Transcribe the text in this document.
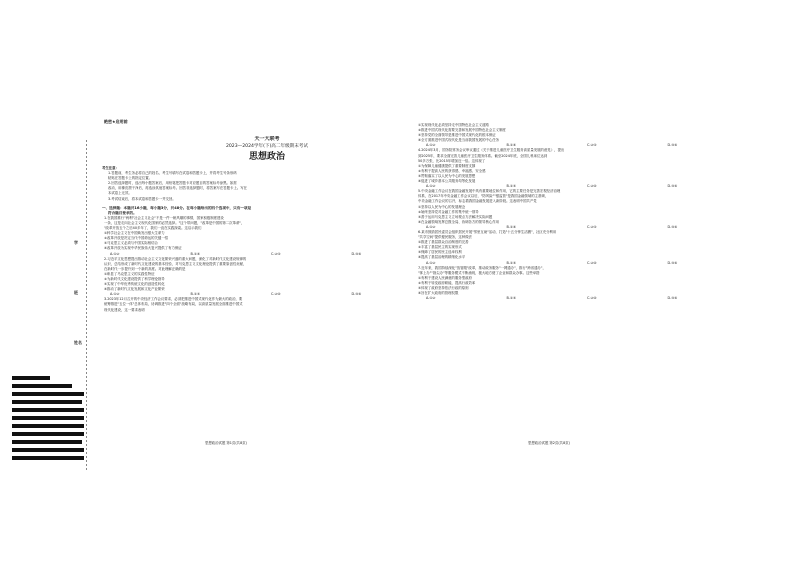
学
班
姓名
绝密★启用前

天一大联考

2023—2024学年(下)高二年级期末考试

思想政治

考生注意：

1.答题前，考生务必将自己的姓名、考生号填写在试卷和答题卡上，并将考生号条形码

粘贴在答题卡上的指定位置。

2.回答选择题时，选出每小题答案后，用铅笔把答题卡对应题目的答案标号涂黑。如需

改动，用橡皮擦干净后，再选涂其他答案标号。回答非选择题时，将答案写在答题卡上。写在

本试卷上无效。

3.考试结束后，将本试卷和答题卡一并交回。

一、选择题：本题共16小题，每小题3分，共48分。在每小题给出的四个选项中，只有一项是

符合题目要求的。

1.在我国推行"两利"社会主义社会"不是一件一帆风顺的事情，国家积极制度建设

一条，这是走向社会主义现代化国家的必然选择。"这个带问题，"改革是中国的第二次革命"，

"改革开放五个之后40多年了，我们一直在实践探索。这启示我们

①科学社会主义在中国焕发出强大生命力

②改革开放是决定当代中国命运的关键一招

③马克思主义必须与中国实际相结合

④改革开放为实现中华民族伟大复兴提供了有力保证

A.①②	B.①④	C.②③	D.③④

2.习近平文化思想提出推动社会主义文化繁荣兴盛的重大问题，深化了对新时代文化建设规律的

认识，总结形成了新时代文化建设的基本经验，对马克思主义文化理论提供了重要原创性贡献，

在新时代一步提升到一个新的高度。对此理解正确的是

①彰显了马克思主义的实践性特征

②为新时代文化建设提供了科学理论指导

③实现了中华优秀传统文化的创造性转化

④推动了新时代文化发展和文化产业繁荣

A.①②	B.①③	C.②④	D.③④

3.2023年12月召开的中央经济工作会议要求，必须把推进中国式现代化作为最大的政治，要

统筹推进"五位一体"总体布局，协调推进"四个全面"战略布局，以高质量发展全面推进中国式

现代化建设，这一要求表明

思想政治试题 第1页(共8页)

①实现现代化必须坚持走中国特色社会主义道路

②推进中国式现代化需要完善和发展中国特色社会主义制度

③坚持党的全面领导是推进中国式现代化的根本保证

④全方面推进中国式现代化是当前我国发展的中心任务

A.①②	B.①④	C.②③	D.③④

4.2024年3月，国务院常务会议审议通过《关于推进儿童医疗卫生服务高质量发展的意见》，提出

到2025年，要求全面完善儿童医疗卫生服务体系。截至2024年底，全国儿科床位达到

50多万张，比2015年增加近一倍。这体现了

①为保障儿童健康提供了重要制度支撑

②有利于提高人民的获得感、幸福感、安全感

③贯彻落实了以人民为中心的发展思想

④促进了城乡基本公共服务均等化发展

A.①②	B.①③	C.②④	D.③④

5.中央金融工作会议在我国金融发展中具有重要地位和作用，它的主要任务是完善宏观经济治理

体系，在2017年中央金融工作会议以后，"防风险""强监管"是我国金融领域的主基调，

中央金融工作会议的召开，标志着我国金融发展进入新阶段。这表明中国共产党

①坚持以人民为中心的发展理念

②始终坚持党对金融工作的集中统一领导

③善于运用马克思主义立场观点方法解决实际问题

④在金融领域发挥总揽全局、协调各方的领导核心作用

A.①②	B.①④	C.②③	D.③④

6.某市鼓励居民委员会组织居民开展"邻里互助"活动，打造"十五分钟生活圈"，社区充分利用

"共享空间"提供便民服务，这种做法

①推进了基层群众自治制度的完善

②丰富了基层民主的实现形式

③保障了居民的民主选举权利

④提高了基层治理的精细化水平

A.①②	B.①③	C.②④	D.③④

7.近年来，我国持续深化"放管服"改革，推动政务服务"一网通办"，推行"跨省通办"，

"掌上办""指尖办"等服务模式不断涌现，极大地方便了企业和群众办事。这些举措

①有利于建设人民满意的服务型政府

②有利于转变政府职能，提高行政效率

③体现了政府坚持依法行政的原则

④旨在扩大政府的管理权限

A.①②	B.①③	C.②④	D.③④
思想政治试题 第2页(共8页)
